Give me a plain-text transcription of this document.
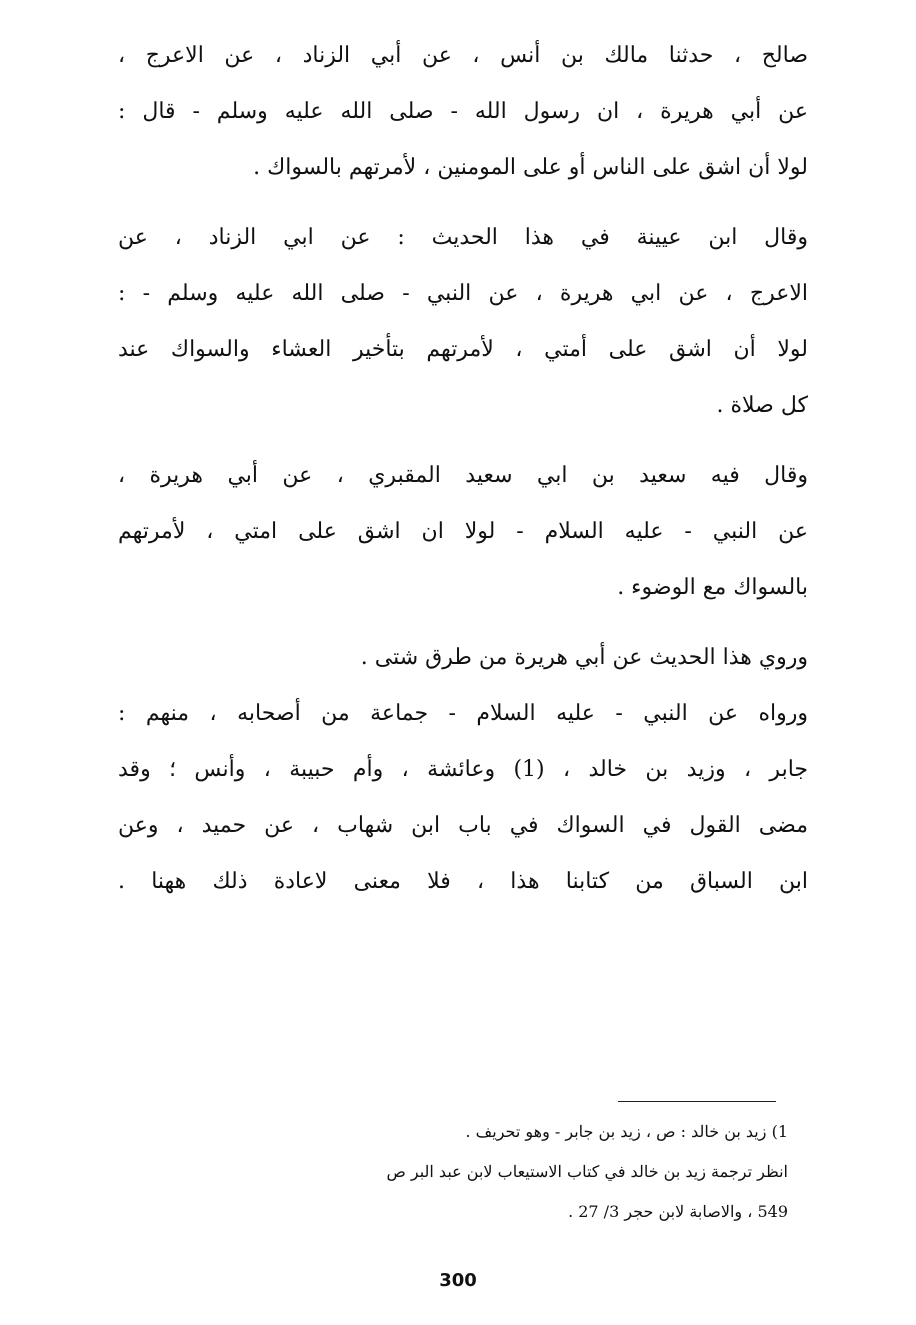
صالح ، حدثنا مالك بن أنس ، عن أبي الزناد ، عن الاعرج ،
عن أبي هريرة ، ان رسول الله - صلى الله عليه وسلم - قال :
لولا أن اشق على الناس أو على المومنين ، لأمرتهم بالسواك .
وقال ابن عيينة في هذا الحديث : عن ابي الزناد ، عن
الاعرج ، عن ابي هريرة ، عن النبي - صلى الله عليه وسلم - :
لولا أن اشق على أمتي ، لأمرتهم بتأخير العشاء والسواك عند
كل صلاة .
وقال فيه سعيد بن ابي سعيد المقبري ، عن أبي هريرة ،
عن النبي - عليه السلام - لولا ان اشق على امتي ، لأمرتهم
بالسواك مع الوضوء .
وروي هذا الحديث عن أبي هريرة من طرق شتى .
ورواه عن النبي - عليه السلام - جماعة من أصحابه ، منهم :
جابر ، وزيد بن خالد ، (1) وعائشة ، وأم حبيبة ، وأنس ؛ وقد
مضى القول في السواك في باب ابن شهاب ، عن حميد ، وعن
ابن السباق من كتابنا هذا ، فلا معنى لاعادة ذلك ههنا .
1) زيد بن خالد : ص ، زيد بن جابر - وهو تحريف .
انظر ترجمة زيد بن خالد في كتاب الاستيعاب لابن عبد البر ص
549 ، والاصابة لابن حجر 3/ 27 .
300
